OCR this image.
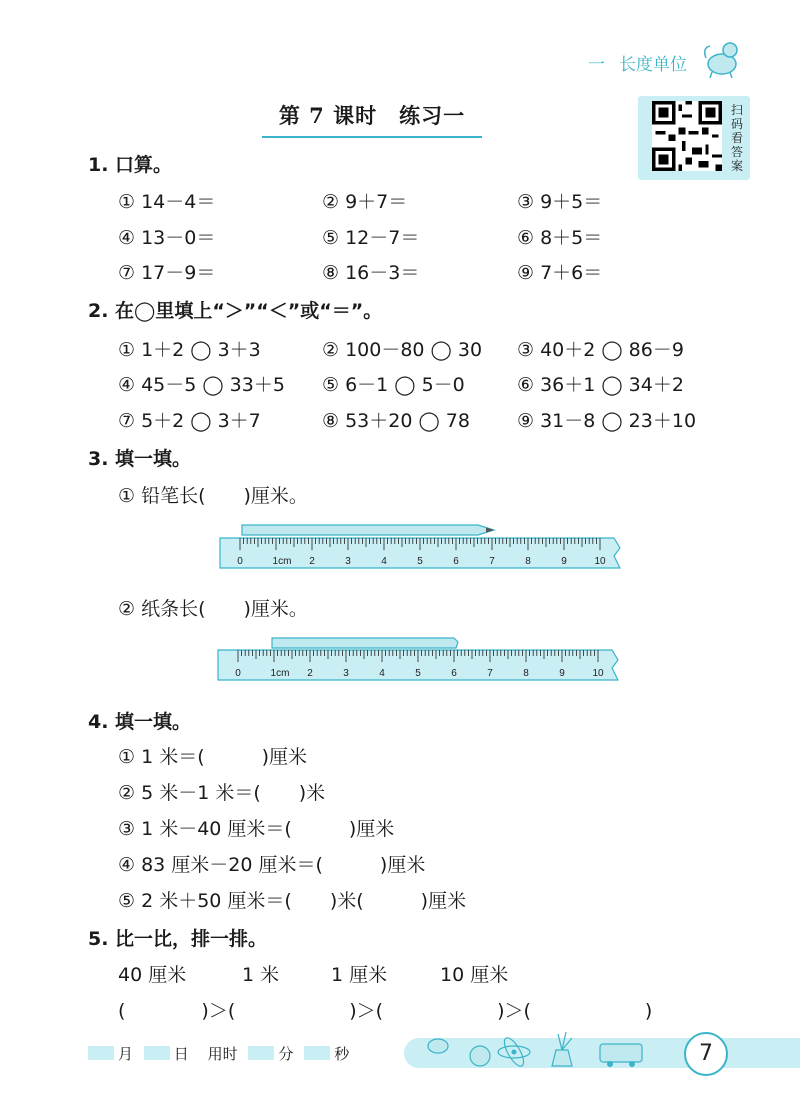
一 长度单位
第 7 课时　练习一	扫
码
看
答
案
1. 口算。
① 14－4＝	② 9＋7＝	③ 9＋5＝
④ 13－0＝	⑤ 12－7＝	⑥ 8＋5＝
⑦ 17－9＝	⑧ 16－3＝	⑨ 7＋6＝
2. 在◯里填上“＞”“＜”或“＝”。
① 1＋2 ◯ 3＋3	② 100－80 ◯ 30 ③ 40＋2 ◯ 86－9
④ 45－5 ◯ 33＋5 ⑤ 6－1 ◯ 5－0	⑥ 36＋1 ◯ 34＋2
⑦ 5＋2 ◯ 3＋7	⑧ 53＋20 ◯ 78 ⑨ 31－8 ◯ 23＋10
3. 填一填。
① 铅笔长(　　)厘米。
0	1cm 2	3	4	5	6	7	8	9	10
② 纸条长(　　)厘米。
0	1cm 2	3	4	5	6	7	8	9	10
4. 填一填。
① 1 米＝(　　　)厘米
② 5 米－1 米＝(　　)米
③ 1 米－40 厘米＝(　　　)厘米
④ 83 厘米－20 厘米＝(　　　)厘米
⑤ 2 米＋50 厘米＝(　　)米(　　　)厘米
5. 比一比，排一排。
40 厘米	1 米	1 厘米	10 厘米
(　　　　)＞(　　　　　　)＞(　　　　　　)＞(　　　　　　)
月	日 用时	分	秒	7
